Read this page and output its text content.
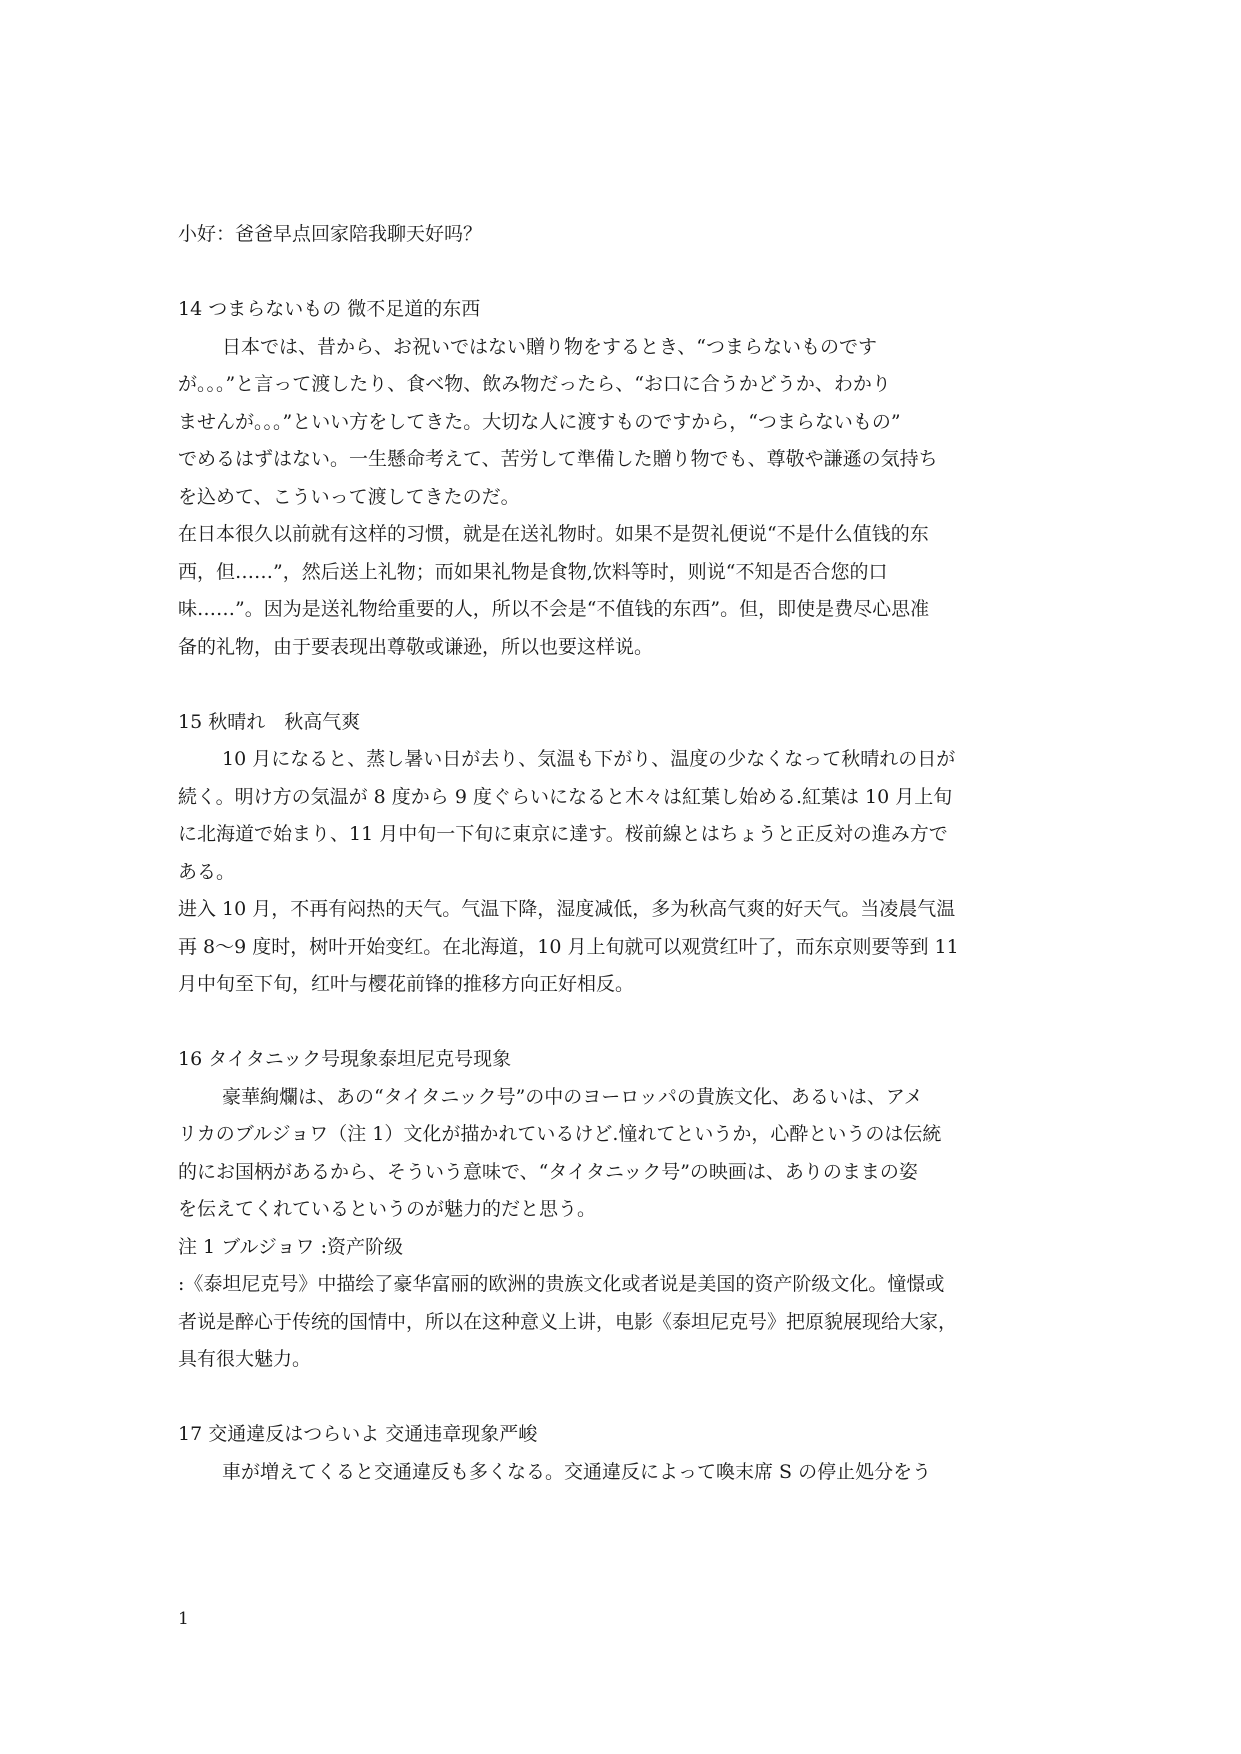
小好：爸爸早点回家陪我聊天好吗？
14 つまらないもの 微不足道的东西
日本では、昔から、お祝いではない贈り物をするとき、“つまらないものです
が。。。”と言って渡したり、食べ物、飲み物だったら、“お口に合うかどうか、わかり
ませんが。。。”といい方をしてきた。大切な人に渡すものですから，“つまらないもの”
でめるはずはない。一生懸命考えて、苦労して準備した贈り物でも、尊敬や謙遜の気持ち
を込めて、こういって渡してきたのだ。
在日本很久以前就有这样的习惯，就是在送礼物时。如果不是贺礼便说“不是什么值钱的东
西，但……”，然后送上礼物；而如果礼物是食物,饮料等时，则说“不知是否合您的口
味……”。因为是送礼物给重要的人，所以不会是“不值钱的东西”。但，即使是费尽心思准
备的礼物，由于要表现出尊敬或谦逊，所以也要这样说。
15 秋晴れ　秋高气爽
10 月になると、蒸し暑い日が去り、気温も下がり、温度の少なくなって秋晴れの日が
続く。明け方の気温が 8 度から 9 度ぐらいになると木々は紅葉し始める.紅葉は 10 月上旬
に北海道で始まり、11 月中旬一下旬に東京に達す。桜前線とはちょうと正反対の進み方で
ある。
进入 10 月，不再有闷热的天气。气温下降，湿度减低，多为秋高气爽的好天气。当凌晨气温
再 8～9 度时，树叶开始变红。在北海道，10 月上旬就可以观赏红叶了，而东京则要等到 11
月中旬至下旬，红叶与樱花前锋的推移方向正好相反。
16 タイタニック号現象泰坦尼克号现象
豪華絢爛は、あの“タイタニック号”の中のヨーロッパの貴族文化、あるいは、アメ
リカのブルジョワ（注 1）文化が描かれているけど.憧れてというか，心酔というのは伝統
的にお国柄があるから、そういう意味で、“タイタニック号”の映画は、ありのままの姿
を伝えてくれているというのが魅力的だと思う。
注 1 ブルジョワ :资产阶级
:《泰坦尼克号》中描绘了豪华富丽的欧洲的贵族文化或者说是美国的资产阶级文化。憧憬或
者说是醉心于传统的国情中，所以在这种意义上讲，电影《泰坦尼克号》把原貌展现给大家，
具有很大魅力。
17 交通違反はつらいよ 交通违章现象严峻
車が増えてくると交通違反も多くなる。交通違反によって喚末席 S の停止処分をう
1
